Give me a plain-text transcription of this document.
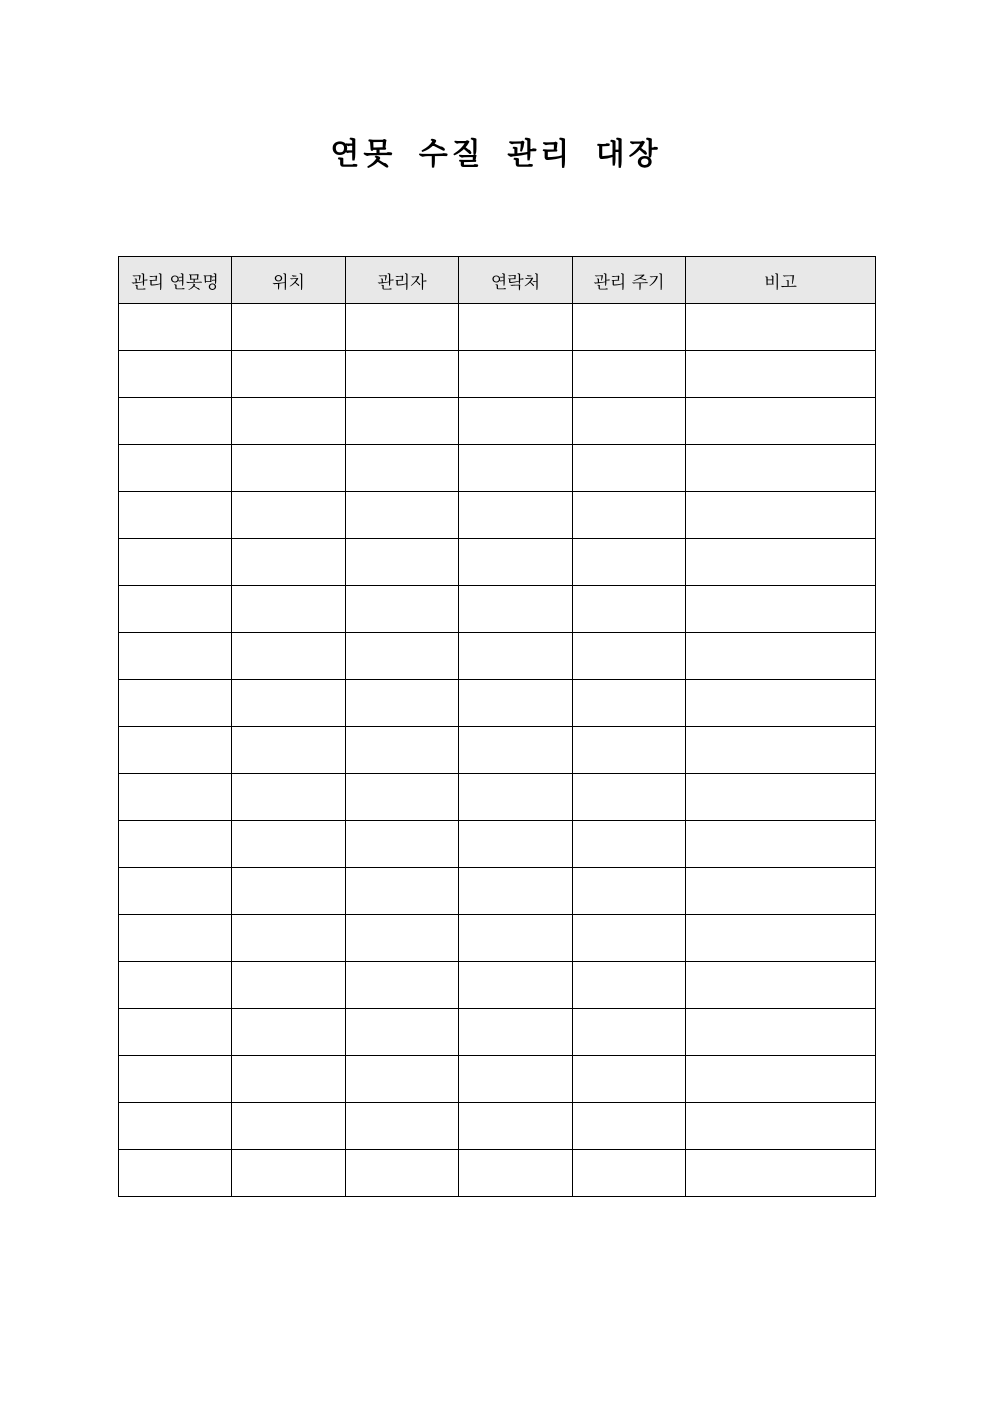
연못 수질 관리 대장
관리 연못명	위치	관리자	연락처	관리 주기	비고
